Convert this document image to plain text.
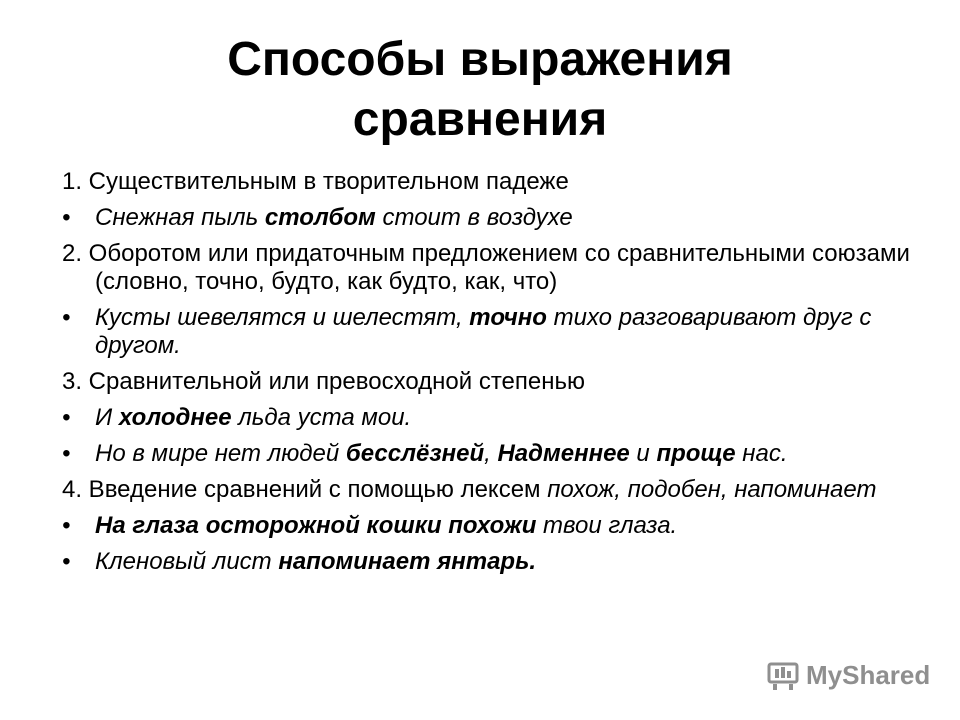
Способы выражения
сравнения
1. Существительным в творительном падеже
• Снежная пыль столбом стоит в воздухе
2. Оборотом или придаточным предложением со сравнительными союзами (словно, точно, будто, как будто, как, что)
• Кусты шевелятся и шелестят, точно тихо разговаривают друг с другом.
3. Сравнительной или превосходной степенью
• И холоднее льда уста мои.
• Но в мире нет людей бесслёзней, Надменнее и проще нас.
4. Введение сравнений с помощью лексем похож, подобен, напоминает
• На глаза осторожной кошки похожи твои глаза.
• Кленовый лист напоминает янтарь.
MyShared
